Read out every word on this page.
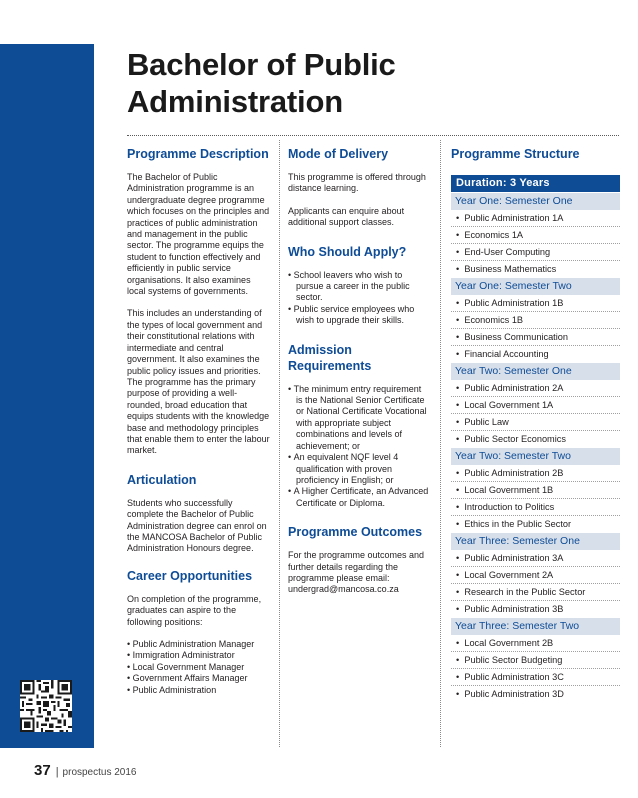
Bachelor of Public
Administration
Programme Description

The Bachelor of Public Administration programme is an undergraduate degree programme which focuses on the principles and practices of public administration and management in the public sector. The programme equips the student to function effectively and efficiently in public service organisations. It also examines local systems of governments.

This includes an understanding of the types of local government and their constitutional relations with intermediate and central government. It also examines the public policy issues and priorities. The programme has the primary purpose of providing a well-rounded, broad education that equips students with the knowledge base and methodology principles that enable them to enter the labour market.

Articulation

Students who successfully complete the Bachelor of Public Administration degree can enrol on the MANCOSA Bachelor of Public Administration Honours degree.

Career Opportunities

On completion of the programme, graduates can aspire to the following positions:

• Public Administration Manager
• Immigration Administrator
• Local Government Manager
• Government Affairs Manager
• Public Administration
Mode of Delivery

This programme is offered through distance learning.

Applicants can enquire about additional support classes.

Who Should Apply?
• School leavers who wish to pursue a career in the public sector.
• Public service employees who wish to upgrade their skills.
Admission Requirements
• The minimum entry requirement is the National Senior Certificate or National Certificate Vocational with appropriate subject combinations and levels of achievement; or
• An equivalent NQF level 4 qualification with proven proficiency in English; or
• A Higher Certificate, an Advanced Certificate or Diploma.
Programme Outcomes

For the programme outcomes and further details regarding the programme please email:

undergrad@mancosa.co.za

Programme Structure
Duration: 3 Years
Year One: Semester One
•  Public Administration 1A
•  Economics 1A
•  End-User Computing
•  Business Mathematics
Year One: Semester Two
•  Public Administration 1B
•  Economics 1B
•  Business Communication
•  Financial Accounting
Year Two: Semester One
•  Public Administration 2A
•  Local Government 1A
•  Public Law
•  Public Sector Economics
Year Two: Semester Two
•  Public Administration 2B
•  Local Government 1B
•  Introduction to Politics
•  Ethics in the Public Sector
Year Three: Semester One
•  Public Administration 3A
•  Local Government 2A
•  Research in the Public Sector
•  Public Administration 3B
Year Three: Semester Two
•  Local Government 2B
•  Public Sector Budgeting
•  Public Administration 3C
•  Public Administration 3D
37 | prospectus 2016
